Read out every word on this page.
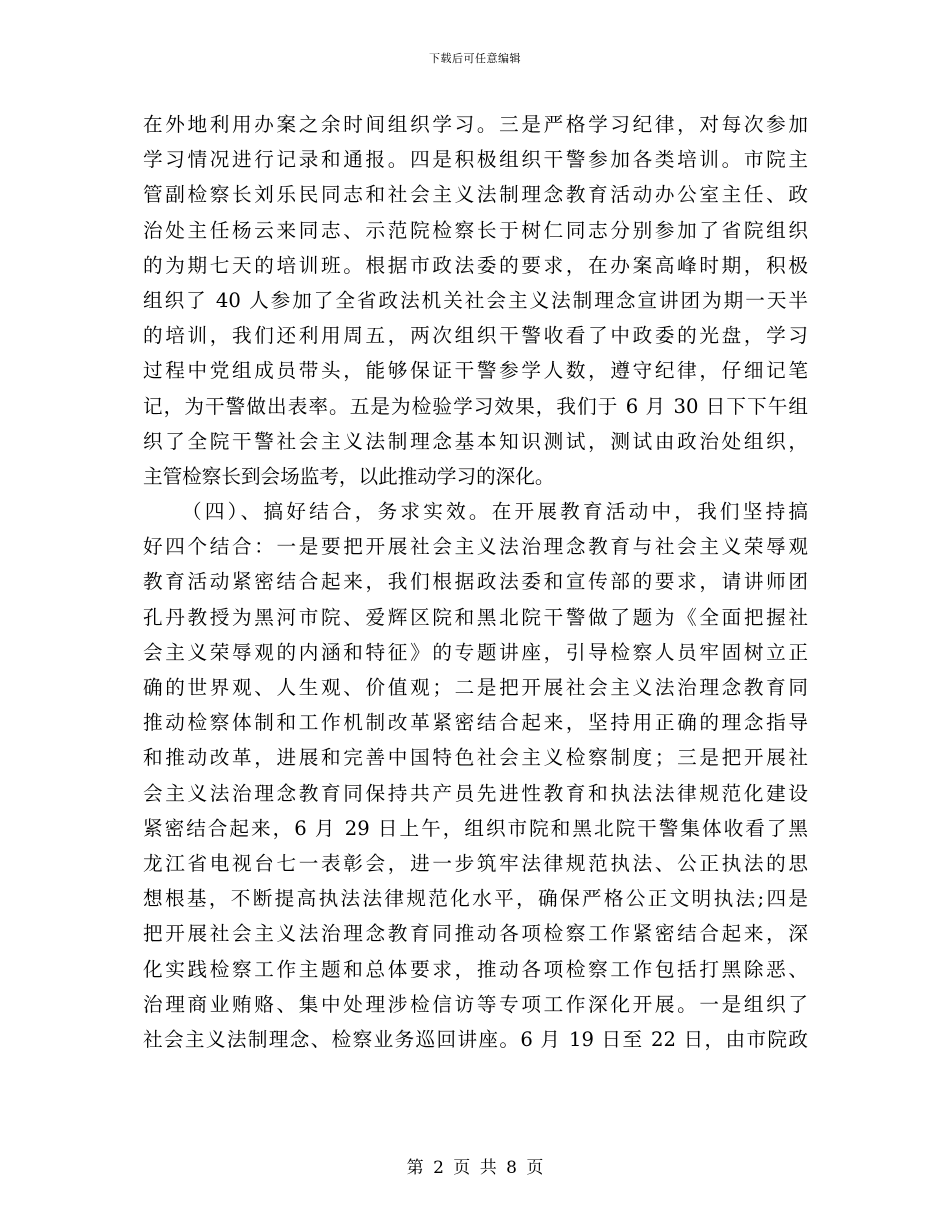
下载后可任意编辑
在外地利用办案之余时间组织学习。三是严格学习纪律，对每次参加
学习情况进行记录和通报。四是积极组织干警参加各类培训。市院主
管副检察长刘乐民同志和社会主义法制理念教育活动办公室主任、政
治处主任杨云来同志、示范院检察长于树仁同志分别参加了省院组织
的为期七天的培训班。根据市政法委的要求，在办案高峰时期，积极
组织了 40 人参加了全省政法机关社会主义法制理念宣讲团为期一天半
的培训，我们还利用周五，两次组织干警收看了中政委的光盘，学习
过程中党组成员带头，能够保证干警参学人数，遵守纪律，仔细记笔
记，为干警做出表率。五是为检验学习效果，我们于 6 月 30 日下下午组
织了全院干警社会主义法制理念基本知识测试，测试由政治处组织，
主管检察长到会场监考，以此推动学习的深化。
（四）、搞好结合，务求实效。在开展教育活动中，我们坚持搞
好四个结合：一是要把开展社会主义法治理念教育与社会主义荣辱观
教育活动紧密结合起来，我们根据政法委和宣传部的要求，请讲师团
孔丹教授为黑河市院、爱辉区院和黑北院干警做了题为《全面把握社
会主义荣辱观的内涵和特征》的专题讲座，引导检察人员牢固树立正
确的世界观、人生观、价值观；二是把开展社会主义法治理念教育同
推动检察体制和工作机制改革紧密结合起来，坚持用正确的理念指导
和推动改革，进展和完善中国特色社会主义检察制度；三是把开展社
会主义法治理念教育同保持共产员先进性教育和执法法律规范化建设
紧密结合起来，6 月 29 日上午，组织市院和黑北院干警集体收看了黑
龙江省电视台七一表彰会，进一步筑牢法律规范执法、公正执法的思
想根基，不断提高执法法律规范化水平，确保严格公正文明执法;四是
把开展社会主义法治理念教育同推动各项检察工作紧密结合起来，深
化实践检察工作主题和总体要求，推动各项检察工作包括打黑除恶、
治理商业贿赂、集中处理涉检信访等专项工作深化开展。一是组织了
社会主义法制理念、检察业务巡回讲座。6 月 19 日至 22 日，由市院政
第 2 页 共 8 页
